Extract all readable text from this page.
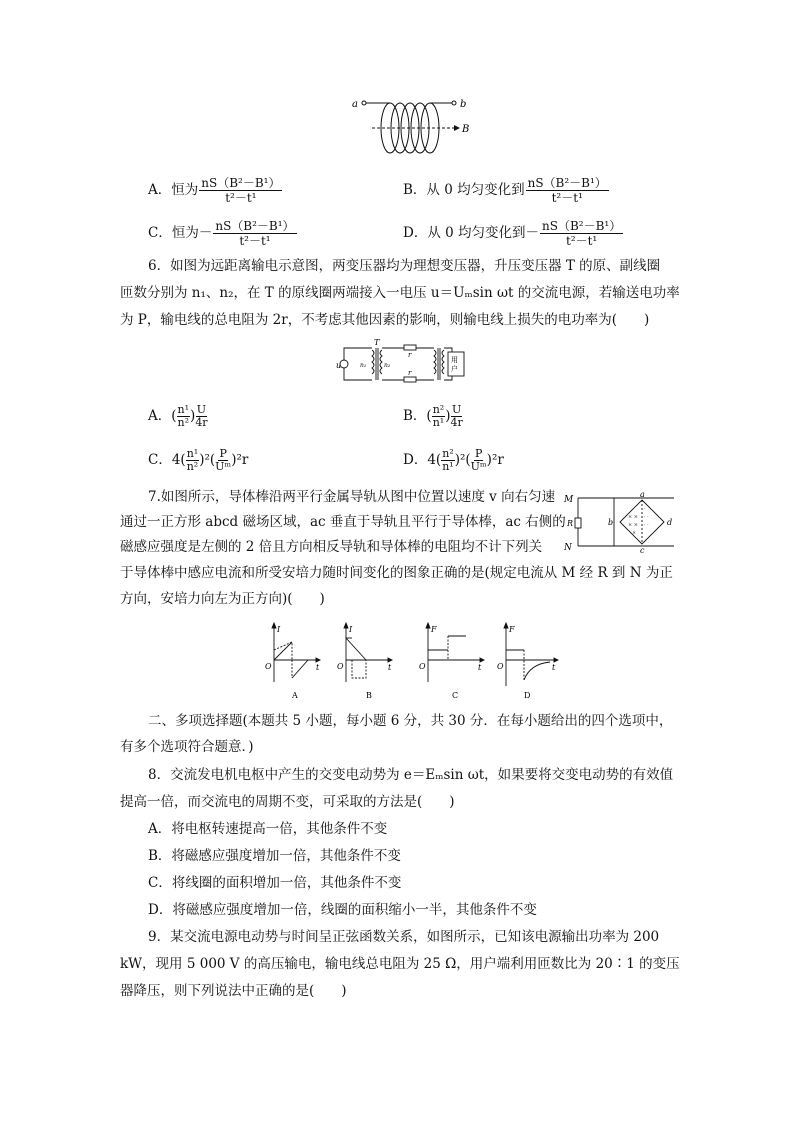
a	b
B
A．恒为 $\frac{\text{nS（B²－B¹）}}{\text{t²－t¹}}$	B．从 0 均匀变化到 $\frac{\text{nS（B²－B¹）}}{\text{t²－t¹}}$
C．恒为－ $\frac{\text{nS（B²－B¹）}}{\text{t²－t¹}}$	D．从 0 均匀变化到－ $\frac{\text{nS（B²－B¹）}}{\text{t²－t¹}}$
6．如图为远距离输电示意图，两变压器均为理想变压器，升压变压器 T 的原、副线圈
匝数分别为 n₁、n₂，在 T 的原线圈两端接入一电压 u＝Uₘsin ωt 的交流电源，若输送电功率
为 P，输电线的总电阻为 2r，不考虑其他因素的影响，则输电线上损失的电功率为(　　)
u
T
n₁	n₂
r
r
用
户
A．( $\frac{\text{n¹}}{\text{n²}}$ ) $\frac{U}{4r}$	B．( $\frac{\text{n²}}{\text{n¹}}$ ) $\frac{U}{4r}$
C．$4( \frac{\text{n¹}}{\text{n²}} )^2( \frac{P}{\text{Uᵐ}} )^2r$	D．$4( \frac{\text{n²}}{\text{n¹}} )^2( \frac{P}{\text{Uᵐ}} )^2r$
7.如图所示，导体棒沿两平行金属导轨从图中位置以速度 v 向右匀速
通过一正方形 abcd 磁场区域，ac 垂直于导轨且平行于导体棒，ac 右侧的
磁感应强度是左侧的 2 倍且方向相反导轨和导体棒的电阻均不计下列关
于导体棒中感应电流和所受安培力随时间变化的图象正确的是(规定电流从 M 经 R 到 N 为正
方向，安培力向左为正方向)(　　)
× ×
× ×
×
· ·
· ·
·
M
N
R
a
b
c
d
I
t
O
A
I
t
O
B
F
t
O
C
F
t
O
D
二、多项选择题(本题共 5 小题，每小题 6 分，共 30 分．在每小题给出的四个选项中，
有多个选项符合题意．)
8．交流发电机电枢中产生的交变电动势为 e＝Eₘsin ωt，如果要将交变电动势的有效值
提高一倍，而交流电的周期不变，可采取的方法是(　　)
A．将电枢转速提高一倍，其他条件不变
B．将磁感应强度增加一倍，其他条件不变
C．将线圈的面积增加一倍，其他条件不变
D．将磁感应强度增加一倍，线圈的面积缩小一半，其他条件不变
9．某交流电源电动势与时间呈正弦函数关系，如图所示，已知该电源输出功率为 200
kW，现用 5 000 V 的高压输电，输电线总电阻为 25 Ω，用户端利用匝数比为 20∶1 的变压
器降压，则下列说法中正确的是(　　)
